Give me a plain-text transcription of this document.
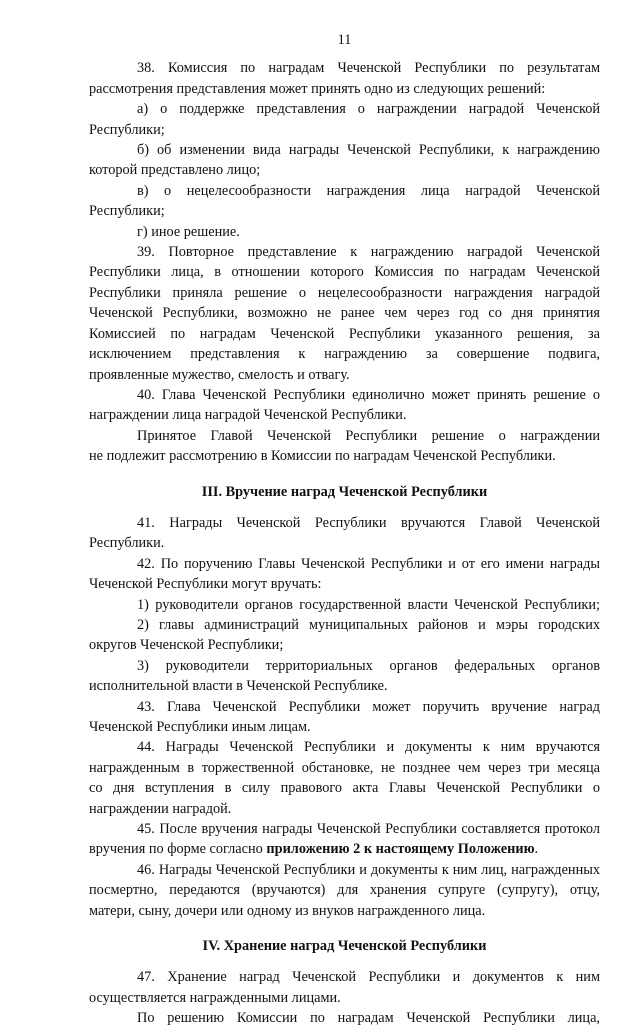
11

38. Комиссия по наградам Чеченской Республики по результатам

рассмотрения представления может принять одно из следующих решений:

а) о поддержке представления о награждении наградой Чеченской Республики;

б) об изменении вида награды Чеченской Республики, к награждению

которой представлено лицо;

в) о нецелесообразности награждения лица наградой Чеченской Республики;

г) иное решение.

39. Повторное представление к награждению наградой Чеченской

Республики лица, в отношении которого Комиссия по наградам Чеченской

Республики приняла решение о нецелесообразности награждения наградой

Чеченской Республики, возможно не ранее чем через год со дня принятия

Комиссией по наградам Чеченской Республики указанного решения, за

исключением представления к награждению за совершение подвига,

проявленные мужество, смелость и отвагу.

40. Глава Чеченской Республики единолично может принять решение о

награждении лица наградой Чеченской Республики.

Принятое Главой Чеченской Республики решение о награждении

не подлежит рассмотрению в Комиссии по наградам Чеченской Республики.

III. Вручение наград Чеченской Республики

41. Награды Чеченской Республики вручаются Главой Чеченской Республики.

42. По поручению Главы Чеченской Республики и от его имени награды

Чеченской Республики могут вручать:

1) руководители органов государственной власти Чеченской Республики;

2) главы администраций муниципальных районов и мэры городских

округов Чеченской Республики;

3) руководители территориальных органов федеральных органов

исполнительной власти в Чеченской Республике.

43. Глава Чеченской Республики может поручить вручение наград

Чеченской Республики иным лицам.

44. Награды Чеченской Республики и документы к ним вручаются

награжденным в торжественной обстановке, не позднее чем через три месяца

со дня вступления в силу правового акта Главы Чеченской Республики о

награждении наградой.

45. После вручения награды Чеченской Республики составляется протокол

вручения по форме согласно приложению 2 к настоящему Положению.

46. Награды Чеченской Республики и документы к ним лиц, награжденных

посмертно, передаются (вручаются) для хранения супруге (супругу), отцу,

матери, сыну, дочери или одному из внуков награжденного лица.

IV. Хранение наград Чеченской Республики

47. Хранение наград Чеченской Республики и документов к ним

осуществляется награжденными лицами.

По решению Комиссии по наградам Чеченской Республики лица,
